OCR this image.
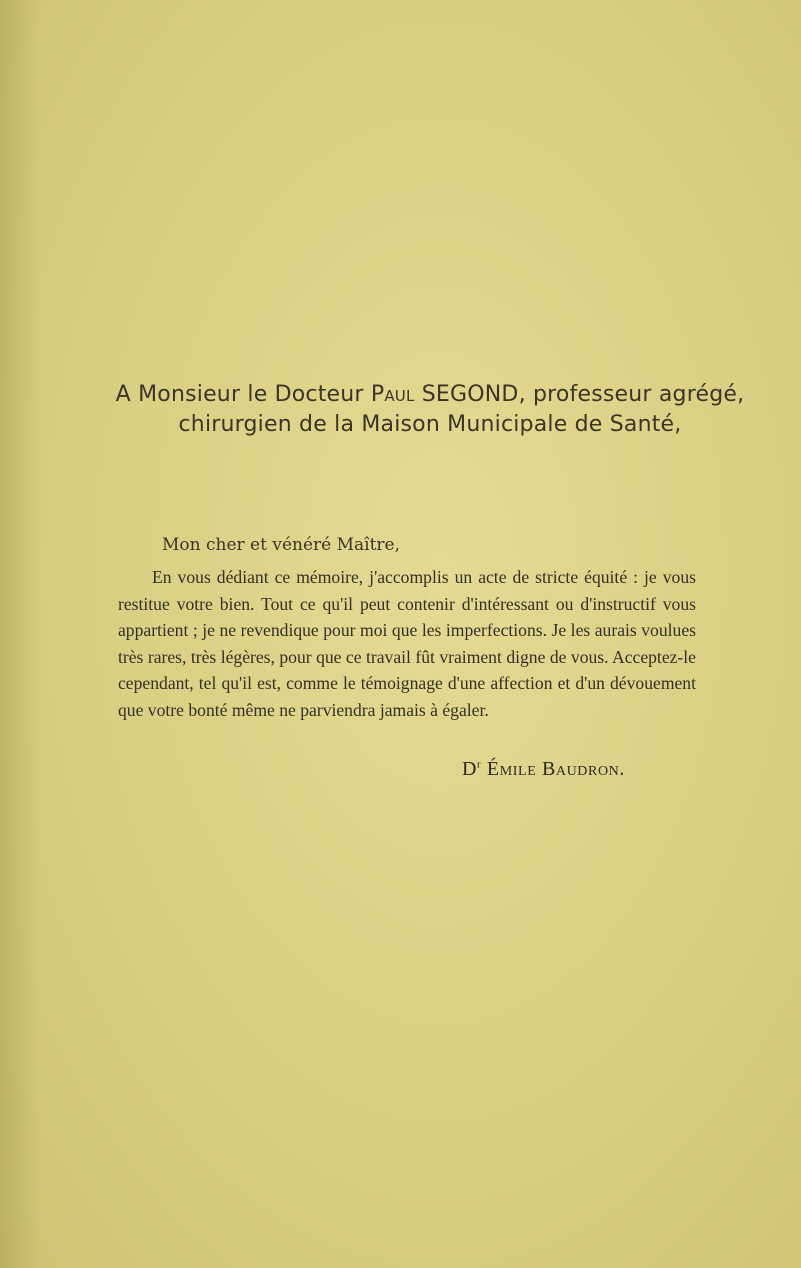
A Monsieur le Docteur Paul SEGOND, professeur agrégé,
chirurgien de la Maison Municipale de Santé,
Mon cher et vénéré Maître,
En vous dédiant ce mémoire, j'accomplis un acte de stricte équité : je vous restitue votre bien. Tout ce qu'il peut contenir d'intéressant ou d'instructif vous appartient ; je ne revendique pour moi que les imperfections. Je les aurais voulues très rares, très légères, pour que ce travail fût vraiment digne de vous. Acceptez-le cependant, tel qu'il est, comme le témoignage d'une affection et d'un dévouement que votre bonté même ne parviendra jamais à égaler.
$D^r$ Émile Baudron.
